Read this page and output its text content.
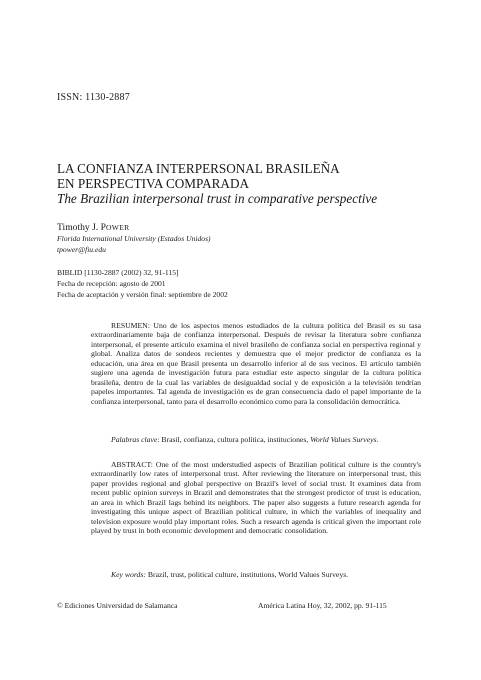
ISSN: 1130-2887
LA CONFIANZA INTERPERSONAL BRASILEÑA
EN PERSPECTIVA COMPARADA
The Brazilian interpersonal trust in comparative perspective
Timothy J. POWER
Florida International University (Estados Unidos)
tpower@fiu.edu
BIBLID [1130-2887 (2002) 32, 91-115]
Fecha de recepción: agosto de 2001
Fecha de aceptación y versión final: septiembre de 2002

RESUMEN: Uno de los aspectos menos estudiados de la cultura política del Brasil es su tasa extraordinariamente baja de confianza interpersonal. Después de revisar la literatura sobre confianza interpersonal, el presente artículo examina el nivel brasileño de confianza social en perspectiva regional y global. Analiza datos de sondeos recientes y demuestra que el mejor predictor de confianza es la educación, una área en que Brasil presenta un desarrollo inferior al de sus vecinos. El artículo también sugiere una agenda de investigación futura para estudiar este aspecto singular de la cultura política brasileña, dentro de la cual las variables de desigualdad social y de exposición a la televisión tendrían papeles importantes. Tal agenda de investigación es de gran consecuencia dado el papel importante de la confianza interpersonal, tanto para el desarrollo económico como para la consolidación democrática.

Palabras clave: Brasil, confianza, cultura política, instituciones, World Values Surveys.

ABSTRACT: One of the most understudied aspects of Brazilian political culture is the country's extraordinarily low rates of interpersonal trust. After reviewing the literature on interpersonal trust, this paper provides regional and global perspective on Brazil's level of social trust. It examines data from recent public opinion surveys in Brazil and demonstrates that the strongest predictor of trust is education, an area in which Brazil lags behind its neighbors. The paper also suggests a future research agenda for investigating this unique aspect of Brazilian political culture, in which the variables of inequality and television exposure would play important roles. Such a research agenda is critical given the important role played by trust in both economic development and democratic consolidation.

Key words: Brazil, trust, political culture, institutions, World Values Surveys.

© Ediciones Universidad de Salamanca	América Latina Hoy, 32, 2002, pp. 91-115
